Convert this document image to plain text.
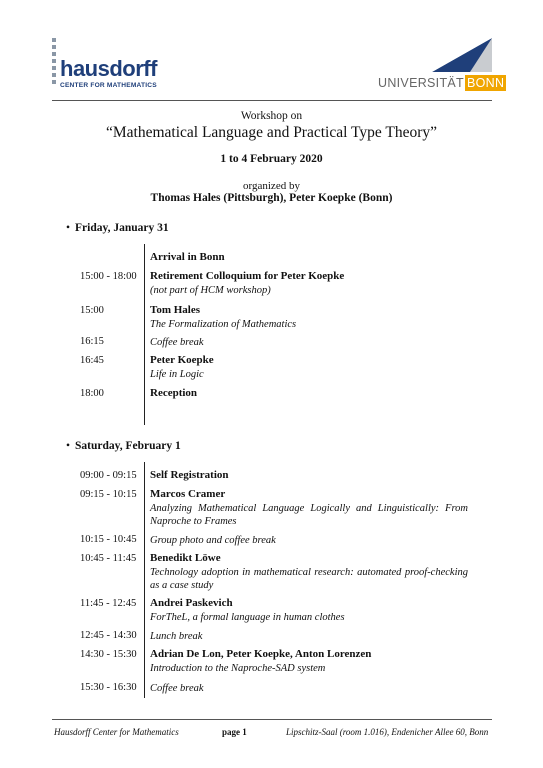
hausdorff
CENTER FOR MATHEMATICS	UNIVERSITÄT BONN
Workshop on
“Mathematical Language and Practical Type Theory”
1 to 4 February 2020
organized by
Thomas Hales (Pittsburgh), Peter Koepke (Bonn)
• Friday, January 31
Arrival in Bonn
15:00 - 18:00 Retirement Colloquium for Peter Koepke
(not part of HCM workshop)
15:00	Tom Hales
The Formalization of Mathematics
16:15	Coffee break
16:45	Peter Koepke
Life in Logic
18:00	Reception
• Saturday, February 1
09:00 - 09:15 Self Registration
09:15 - 10:15 Marcos Cramer
Analyzing Mathematical Language Logically and Linguistically: From Naproche to Frames
10:15 - 10:45 Group photo and coffee break
10:45 - 11:45 Benedikt Löwe
Technology adoption in mathematical research: automated proof-checking as a case study
11:45 - 12:45 Andrei Paskevich
ForTheL, a formal language in human clothes
12:45 - 14:30 Lunch break
14:30 - 15:30 Adrian De Lon, Peter Koepke, Anton Lorenzen
Introduction to the Naproche-SAD system
15:30 - 16:30 Coffee break
Hausdorff Center for Mathematics	page 1	Lipschitz-Saal (room 1.016), Endenicher Allee 60, Bonn
